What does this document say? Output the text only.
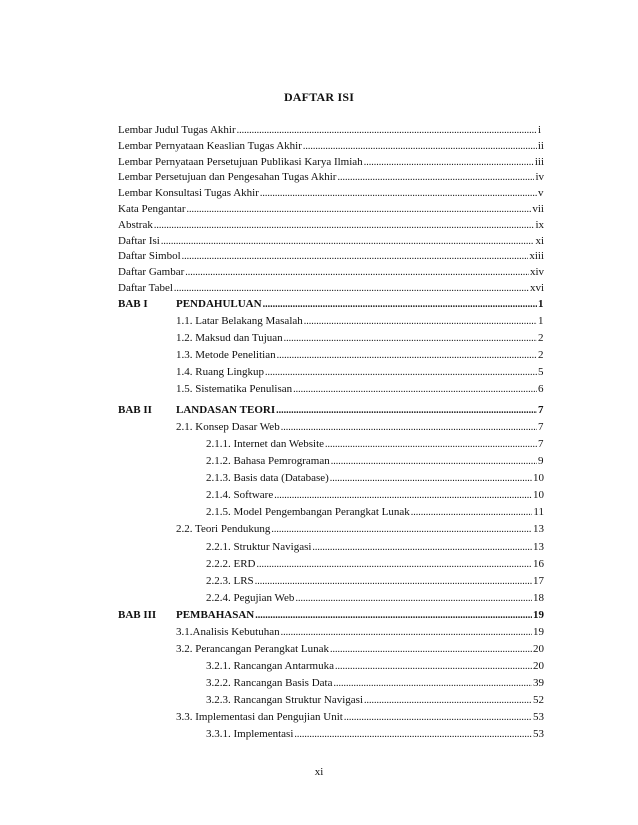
DAFTAR ISI
Lembar Judul Tugas Akhir .....	i
Lembar Pernyataan Keaslian Tugas Akhir .....	ii
Lembar Pernyataan Persetujuan Publikasi Karya Ilmiah .....	iii
Lembar Persetujuan dan Pengesahan Tugas Akhir .....	iv
Lembar Konsultasi Tugas Akhir .....	v
Kata Pengantar .....	vii
Abstrak .....	ix
Daftar Isi .....	xi
Daftar Simbol .....	xiii
Daftar Gambar .....	xiv
Daftar Tabel .....	xvi
BAB I	PENDAHULUAN .....	1
1.1. Latar Belakang Masalah .....	1
1.2. Maksud dan Tujuan .....	2
1.3. Metode Penelitian .....	2
1.4. Ruang Lingkup .....	5
1.5. Sistematika Penulisan .....	6
BAB II LANDASAN TEORI .....	7
2.1. Konsep Dasar Web .....	7
2.1.1. Internet dan Website .....	7
2.1.2. Bahasa Pemrograman .....	9
2.1.3. Basis data (Database) .....	10
2.1.4. Software .....	10
2.1.5. Model Pengembangan Perangkat Lunak .....	11
2.2. Teori Pendukung .....	13
2.2.1. Struktur Navigasi .....	13
2.2.2. ERD .....	16
2.2.3. LRS .....	17
2.2.4. Pegujian Web .....	18
BAB III PEMBAHASAN .....	19
3.1.Analisis Kebutuhan .....	19
3.2. Perancangan Perangkat Lunak .....	20
3.2.1. Rancangan Antarmuka .....	20
3.2.2. Rancangan Basis Data .....	39
3.2.3. Rancangan Struktur Navigasi .....	52
3.3. Implementasi dan Pengujian Unit .....	53
3.3.1. Implementasi .....	53
xi
